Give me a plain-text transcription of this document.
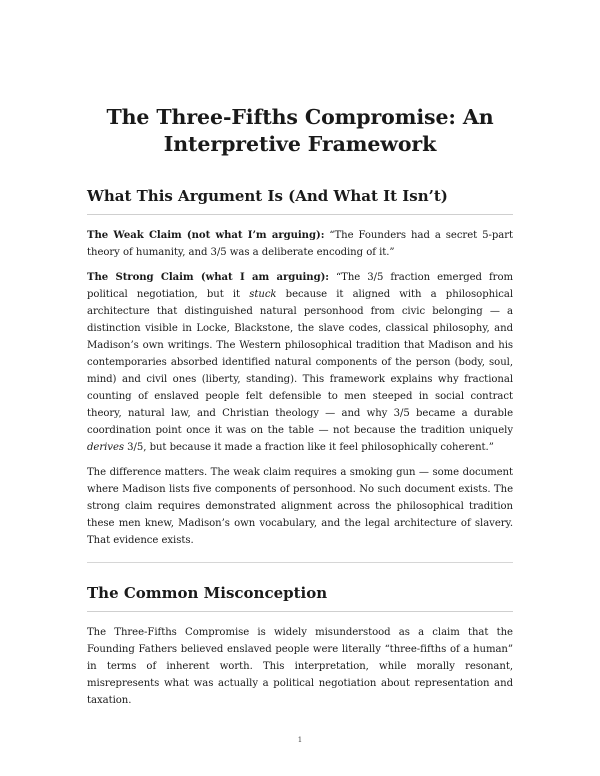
The Three-Fifths Compromise: An Interpretive Framework
What This Argument Is (And What It Isn’t)

The Weak Claim (not what I’m arguing): “The Founders had a secret 5-part theory of humanity, and 3/5 was a deliberate encoding of it.”

The Strong Claim (what I am arguing): “The 3/5 fraction emerged from political negotiation, but it stuck because it aligned with a philosophical architecture that distinguished natural personhood from civic belonging — a distinction visible in Locke, Blackstone, the slave codes, classical philosophy, and Madison’s own writings. The Western philosophical tradition that Madison and his contemporaries absorbed identified natural components of the person (body, soul, mind) and civil ones (liberty, standing). This framework explains why fractional counting of enslaved people felt defensible to men steeped in social contract theory, natural law, and Christian theology — and why 3/5 became a durable coordination point once it was on the table — not because the tradition uniquely derives 3/5, but because it made a fraction like it feel philosophically coherent.”

The difference matters. The weak claim requires a smoking gun — some document where Madison lists five components of personhood. No such document exists. The strong claim requires demonstrated alignment across the philosophical tradition these men knew, Madison’s own vocabulary, and the legal architecture of slavery. That evidence exists.

The Common Misconception

The Three-Fifths Compromise is widely misunderstood as a claim that the Founding Fathers believed enslaved people were literally “three-fifths of a human” in terms of inherent worth. This interpretation, while morally resonant, misrepresents what was actually a political negotiation about representation and taxation.

1
